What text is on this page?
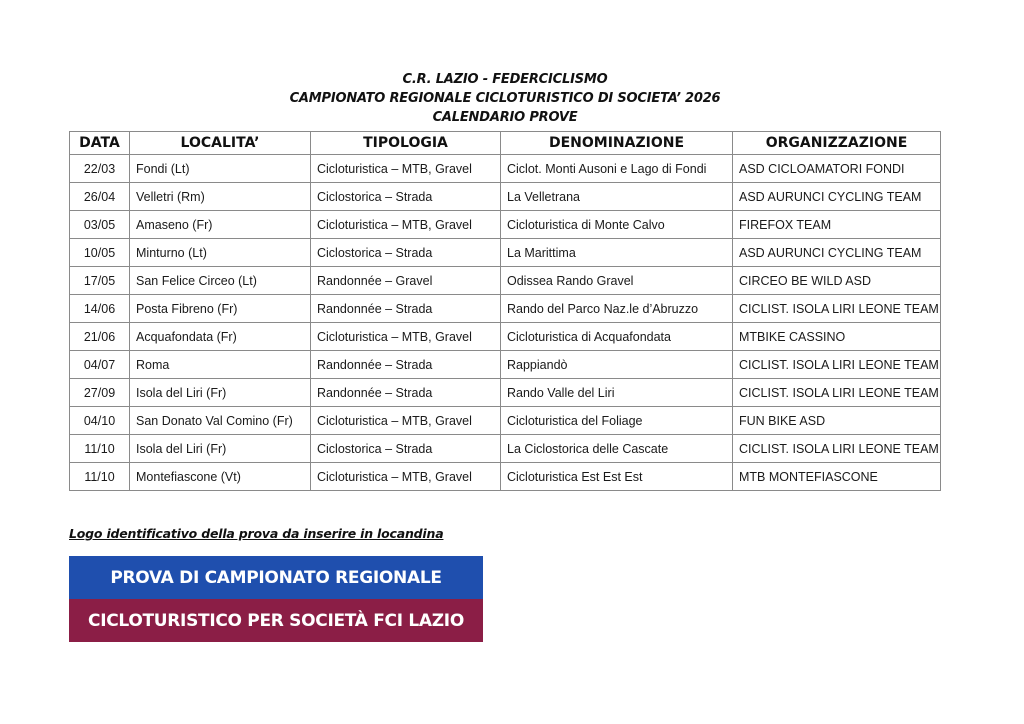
C.R. LAZIO - FEDERCICLISMO
CAMPIONATO REGIONALE CICLOTURISTICO DI SOCIETA’ 2026
CALENDARIO PROVE
DATA	LOCALITA’	TIPOLOGIA	DENOMINAZIONE	ORGANIZZAZIONE
22/03	Fondi (Lt)	Cicloturistica – MTB, Gravel	Ciclot. Monti Ausoni e Lago di Fondi	ASD CICLOAMATORI FONDI
26/04	Velletri (Rm)	Ciclostorica – Strada	La Velletrana	ASD AURUNCI CYCLING TEAM
03/05	Amaseno (Fr)	Cicloturistica – MTB, Gravel	Cicloturistica di Monte Calvo	FIREFOX TEAM
10/05	Minturno (Lt)	Ciclostorica – Strada	La Marittima	ASD AURUNCI CYCLING TEAM
17/05	San Felice Circeo (Lt)	Randonnée – Gravel	Odissea Rando Gravel	CIRCEO BE WILD ASD
14/06	Posta Fibreno (Fr)	Randonnée – Strada	Rando del Parco Naz.le d’Abruzzo	CICLIST. ISOLA LIRI LEONE TEAM
21/06	Acquafondata (Fr)	Cicloturistica – MTB, Gravel	Cicloturistica di Acquafondata	MTBIKE CASSINO
04/07	Roma	Randonnée – Strada	Rappiandò	CICLIST. ISOLA LIRI LEONE TEAM
27/09	Isola del Liri (Fr)	Randonnée – Strada	Rando Valle del Liri	CICLIST. ISOLA LIRI LEONE TEAM
04/10	San Donato Val Comino (Fr)	Cicloturistica – MTB, Gravel	Cicloturistica del Foliage	FUN BIKE ASD
11/10	Isola del Liri (Fr)	Ciclostorica – Strada	La Ciclostorica delle Cascate	CICLIST. ISOLA LIRI LEONE TEAM
11/10	Montefiascone (Vt)	Cicloturistica – MTB, Gravel	Cicloturistica Est Est Est	MTB MONTEFIASCONE
Logo identificativo della prova da inserire in locandina
PROVA DI CAMPIONATO REGIONALE
CICLOTURISTICO PER SOCIETÀ FCI LAZIO
